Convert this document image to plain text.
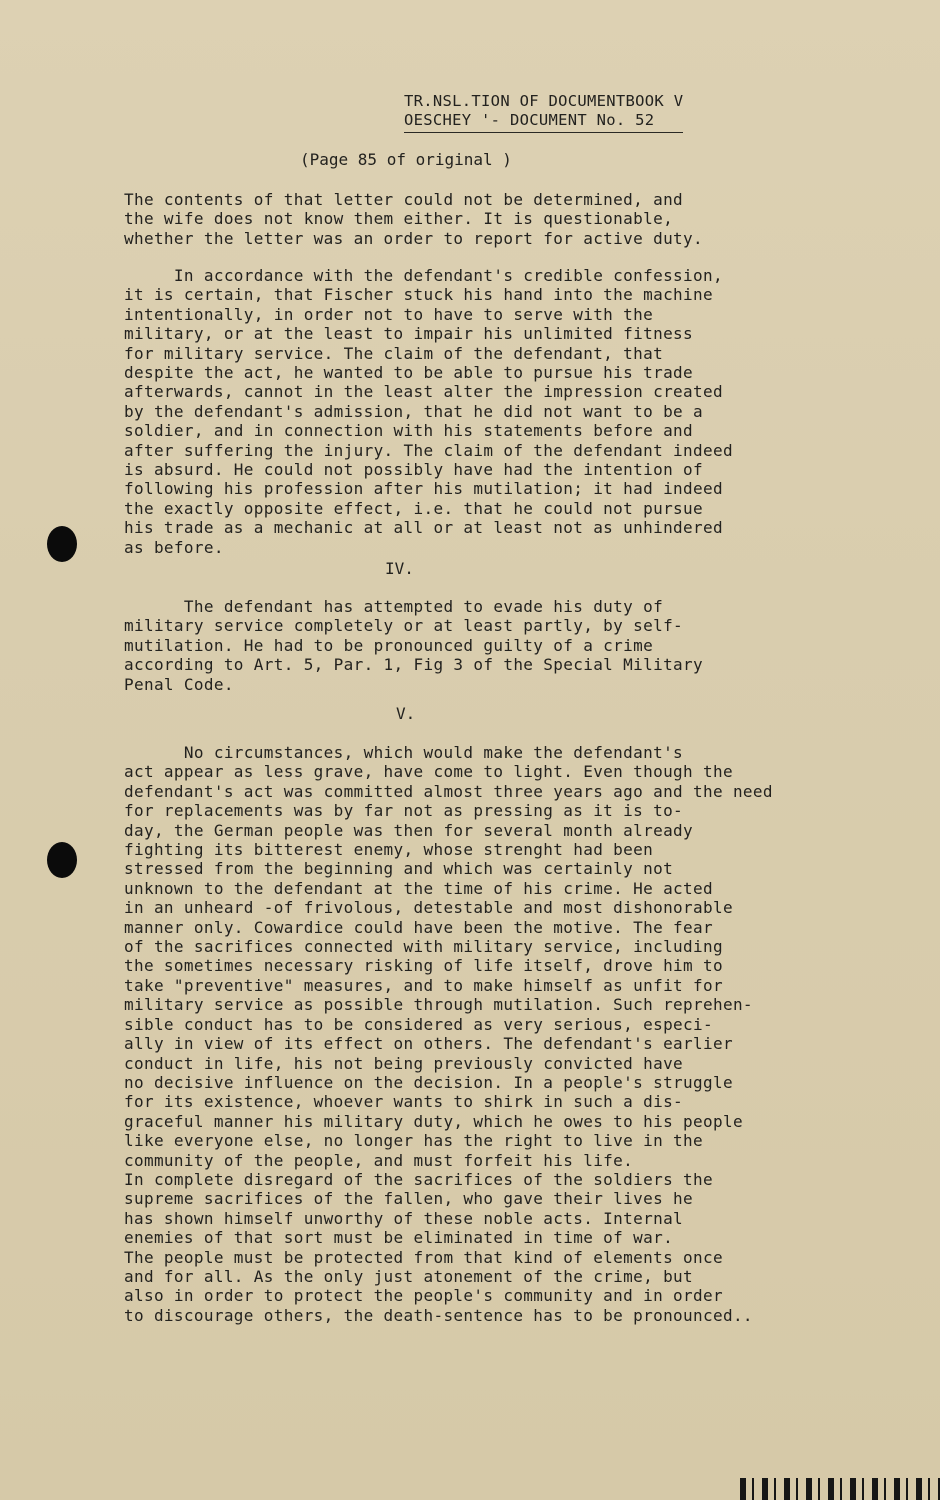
TR.NSL.TION OF DOCUMENTBOOK V
OESCHEY '- DOCUMENT No. 52
(Page 85 of original )
The contents of that letter could not be determined, and
the wife does not know them either. It is questionable,
whether the letter was an order to report for active duty.
In accordance with the defendant's credible confession,
it is certain, that Fischer stuck his hand into the machine
intentionally, in order not to have to serve with the
military, or at the least to impair his unlimited fitness
for military service. The claim of the defendant, that
despite the act, he wanted to be able to pursue his trade
afterwards, cannot in the least alter the impression created
by the defendant's admission, that he did not want to be a
soldier, and in connection with his statements before and
after suffering the injury. The claim of the defendant indeed
is absurd. He could not possibly have had the intention of
following his profession after his mutilation; it had indeed
the exactly opposite effect, i.e. that he could not pursue
his trade as a mechanic at all or at least not as unhindered
as before.
IV.
The defendant has attempted to evade his duty of
military service completely or at least partly, by self-
mutilation. He had to be pronounced guilty of a crime
according to Art. 5, Par. 1, Fig 3 of the Special Military
Penal Code.
V.
No circumstances, which would make the defendant's
act appear as less grave, have come to light. Even though the
defendant's act was committed almost three years ago and the need
for replacements was by far not as pressing as it is to-
day, the German people was then for several month already
fighting its bitterest enemy, whose strenght had been
stressed from the beginning and which was certainly not
unknown to the defendant at the time of his crime. He acted
in an unheard -of frivolous, detestable and most dishonorable
manner only. Cowardice could have been the motive. The fear
of the sacrifices connected with military service, including
the sometimes necessary risking of life itself, drove him to
take "preventive" measures, and to make himself as unfit for
military service as possible through mutilation. Such reprehen-
sible conduct has to be considered as very serious, especi-
ally in view of its effect on others. The defendant's earlier
conduct in life, his not being previously convicted have
no decisive influence on the decision. In a people's struggle
for its existence, whoever wants to shirk in such a dis-
graceful manner his military duty, which he owes to his people
like everyone else, no longer has the right to live in the
community of the people, and must forfeit his life.
In complete disregard of the sacrifices of the soldiers the
supreme sacrifices of the fallen, who gave their lives he
has shown himself unworthy of these noble acts. Internal
enemies of that sort must be eliminated in time of war.
The people must be protected from that kind of elements once
and for all. As the only just atonement of the crime, but
also in order to protect the people's community and in order
to discourage others, the death-sentence has to be pronounced..
